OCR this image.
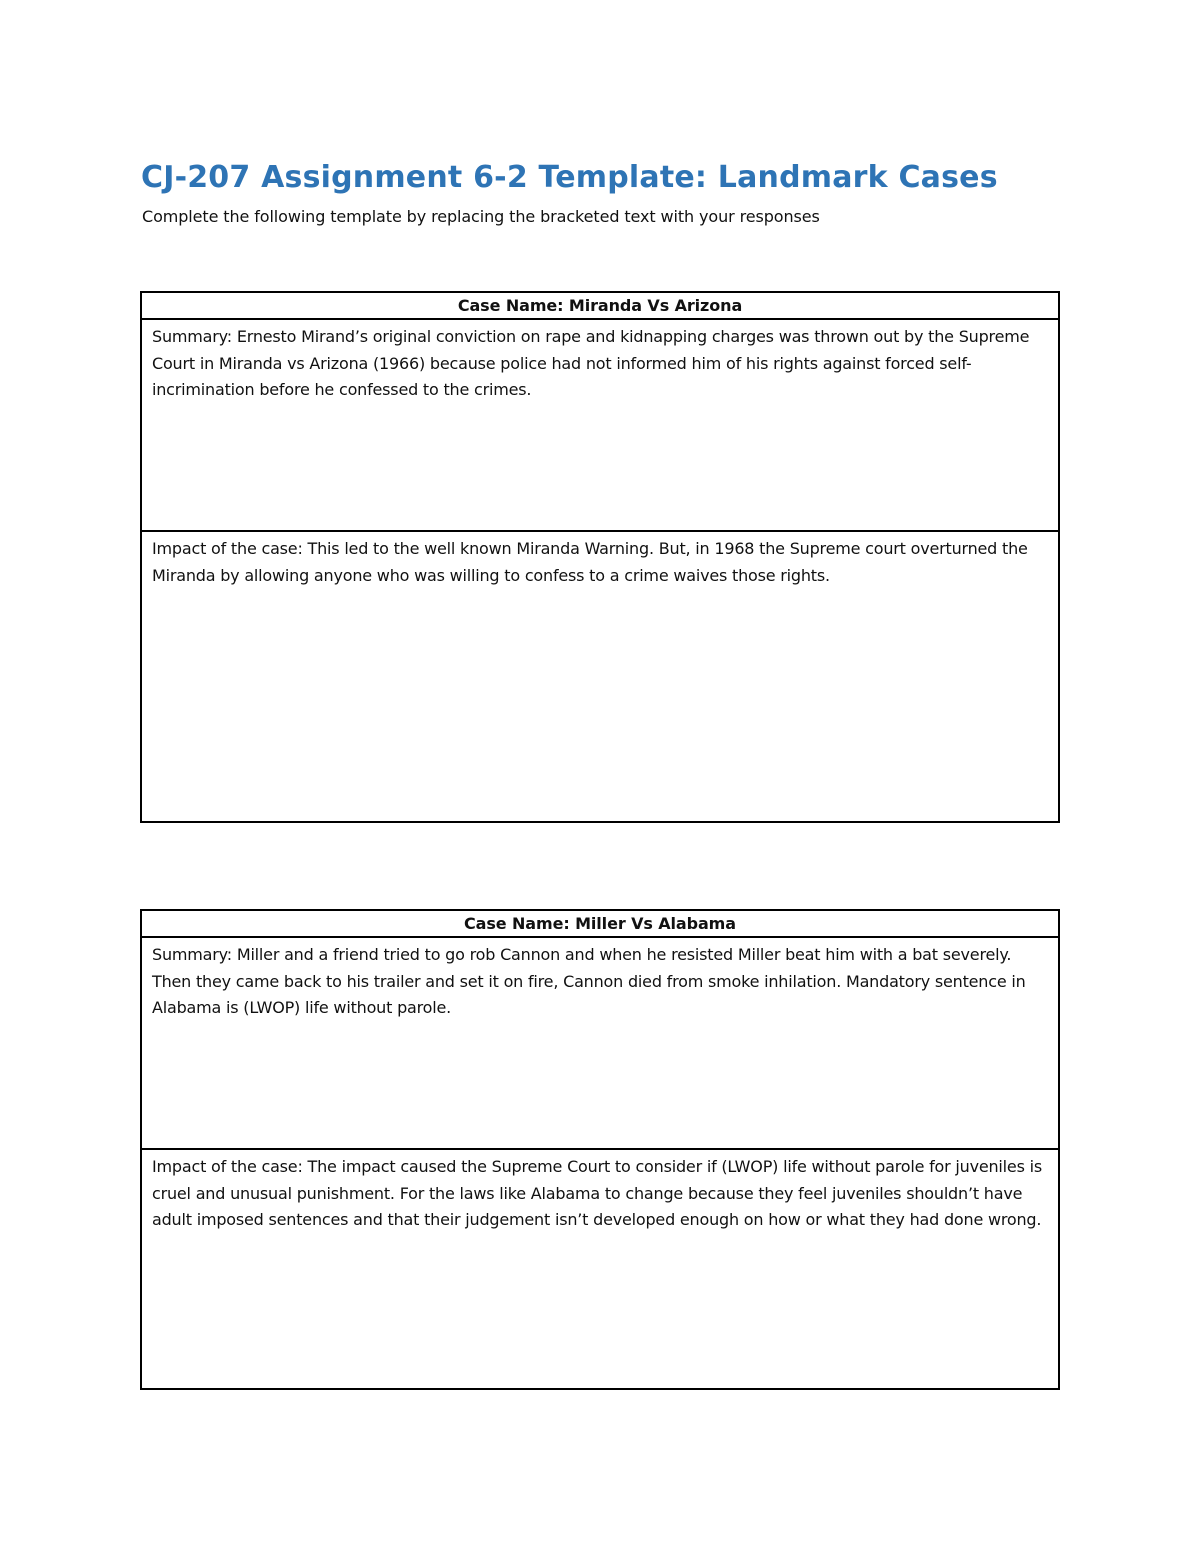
CJ-207 Assignment 6-2 Template: Landmark Cases

Complete the following template by replacing the bracketed text with your responses

Case Name: Miranda Vs Arizona
Summary: Ernesto Mirand’s original conviction on rape and kidnapping charges was thrown out by the Supreme Court in Miranda vs Arizona (1966) because police had not informed him of his rights against forced self-incrimination before he confessed to the crimes.
Impact of the case: This led to the well known Miranda Warning. But, in 1968 the Supreme court overturned the Miranda by allowing anyone who was willing to confess to a crime waives those rights.
Case Name: Miller Vs Alabama
Summary: Miller and a friend tried to go rob Cannon and when he resisted Miller beat him with a bat severely. Then they came back to his trailer and set it on fire, Cannon died from smoke inhilation. Mandatory sentence in Alabama is (LWOP) life without parole.
Impact of the case: The impact caused the Supreme Court to consider if (LWOP) life without parole for juveniles is cruel and unusual punishment. For the laws like Alabama to change because they feel juveniles shouldn’t have adult imposed sentences and that their judgement isn’t developed enough on how or what they had done wrong.
